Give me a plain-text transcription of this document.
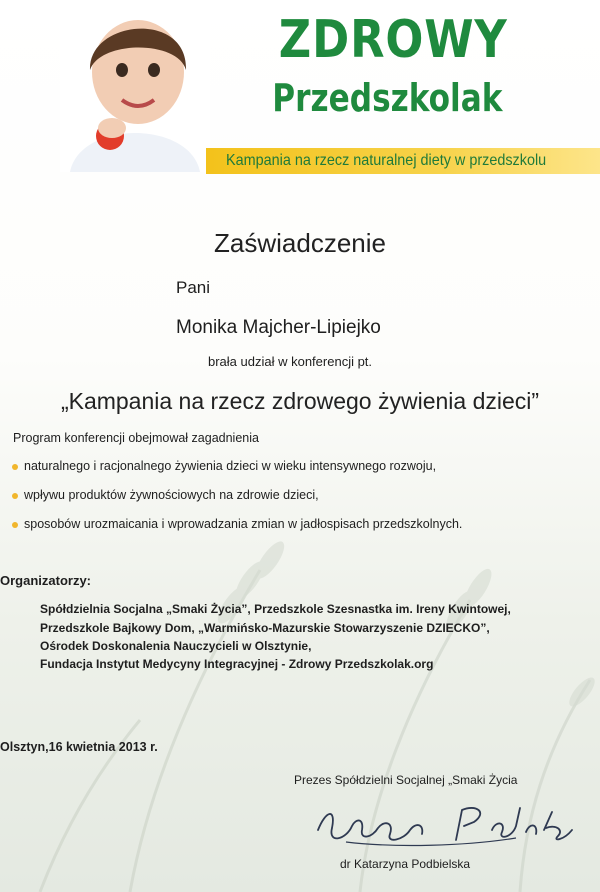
ZDROWY
Przedszkolak
Kampania na rzecz naturalnej diety w przedszkolu
Zaświadczenie
Pani
Monika Majcher-Lipiejko
brała udział w konferencji pt.
„Kampania na rzecz zdrowego żywienia dzieci”
Program konferencji obejmował zagadnienia
naturalnego i racjonalnego żywienia dzieci w wieku intensywnego rozwoju,
wpływu produktów żywnościowych na zdrowie dzieci,
sposobów urozmaicania i wprowadzania zmian w jadłospisach przedszkolnych.
Organizatorzy:
Spółdzielnia Socjalna „Smaki Życia”, Przedszkole Szesnastka im. Ireny Kwintowej,
Przedszkole Bajkowy Dom, „Warmińsko-Mazurskie Stowarzyszenie DZIECKO”,
Ośrodek Doskonalenia Nauczycieli w Olsztynie,
Fundacja Instytut Medycyny Integracyjnej - Zdrowy Przedszkolak.org
Olsztyn,16 kwietnia 2013 r.
Prezes Spółdzielni Socjalnej „Smaki Życia
dr Katarzyna Podbielska
